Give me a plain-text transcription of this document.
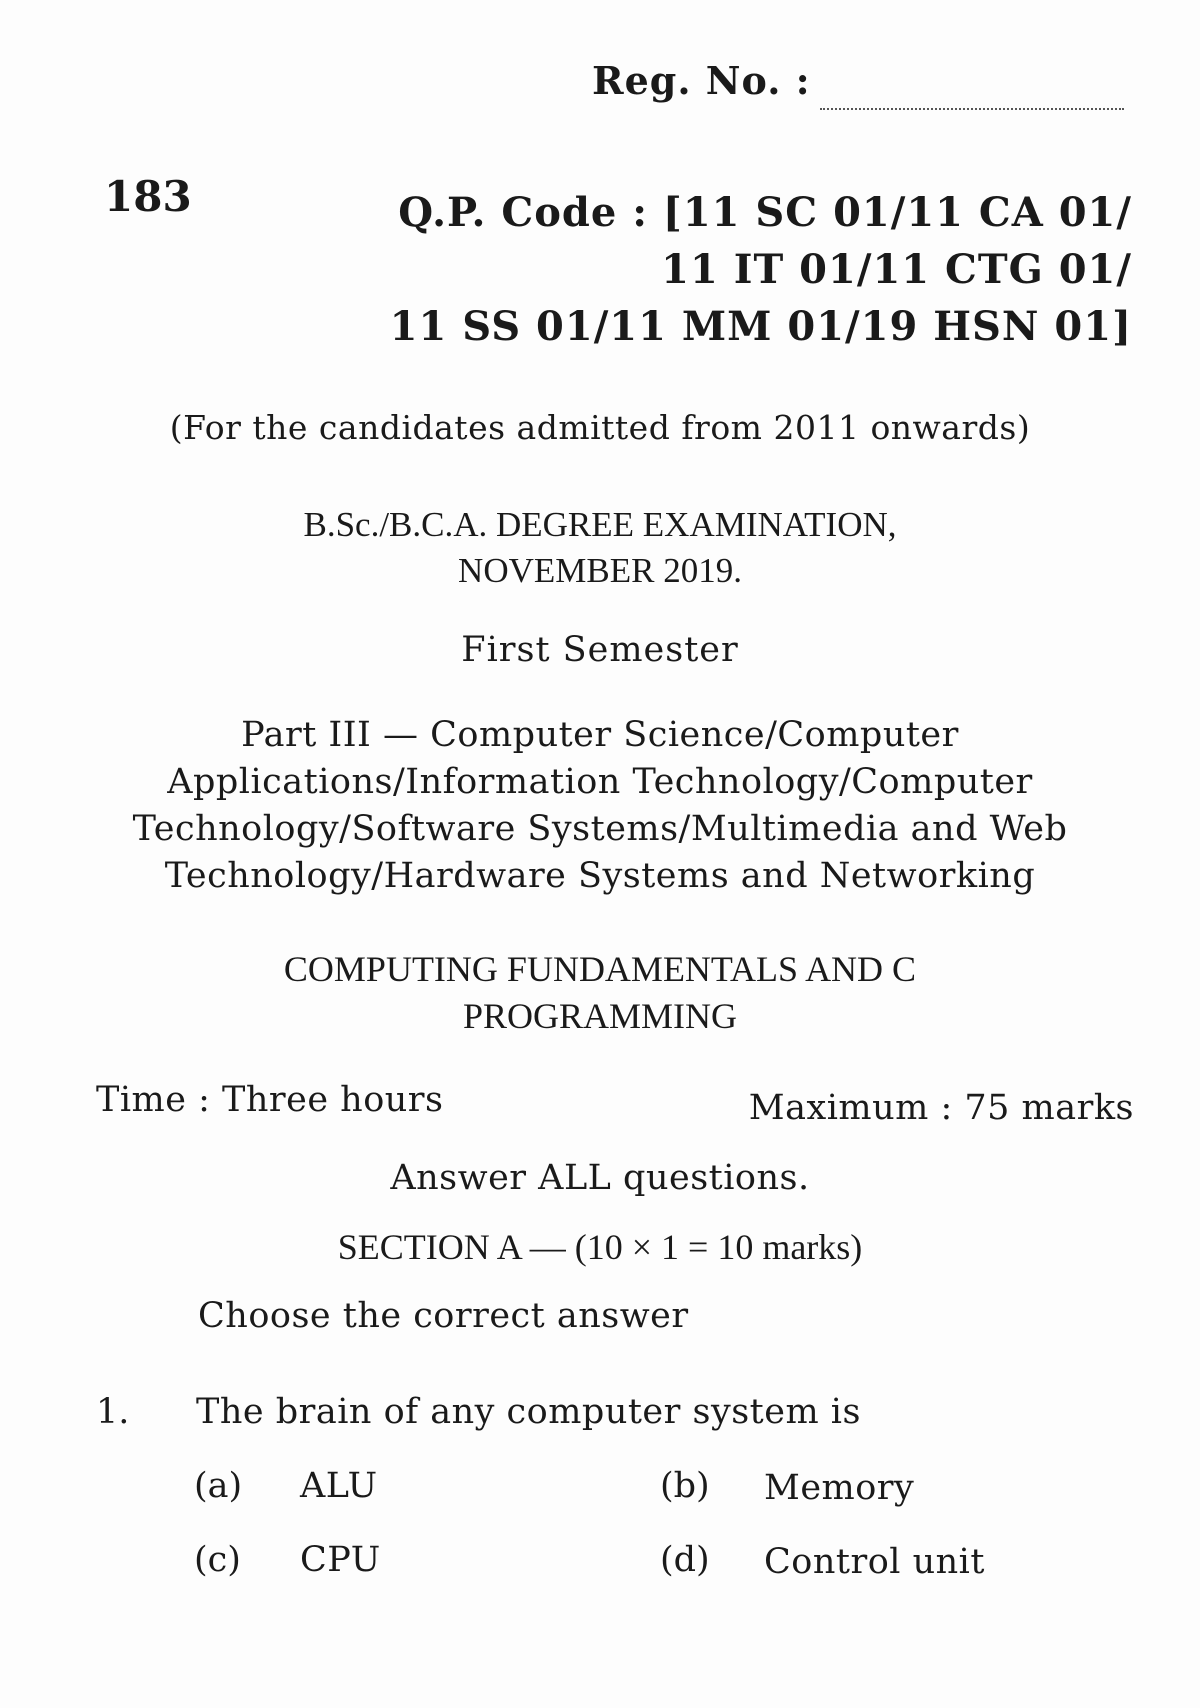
Reg. No. :
183	Q.P. Code : [11 SC 01/11 CA 01/
11 IT 01/11 CTG 01/
11 SS 01/11 MM 01/19 HSN 01]
(For the candidates admitted from 2011 onwards)
B.Sc./B.C.A. DEGREE EXAMINATION,
NOVEMBER 2019.
First Semester
Part III — Computer Science/Computer
Applications/Information Technology/Computer
Technology/Software Systems/Multimedia and Web
Technology/Hardware Systems and Networking
COMPUTING FUNDAMENTALS AND C
PROGRAMMING
Time : Three hours	Maximum : 75 marks
Answer ALL questions.
SECTION A — (10 × 1 = 10 marks)
Choose the correct answer
1. The brain of any computer system is
(a) ALU	(b) Memory
(c) CPU	(d) Control unit
